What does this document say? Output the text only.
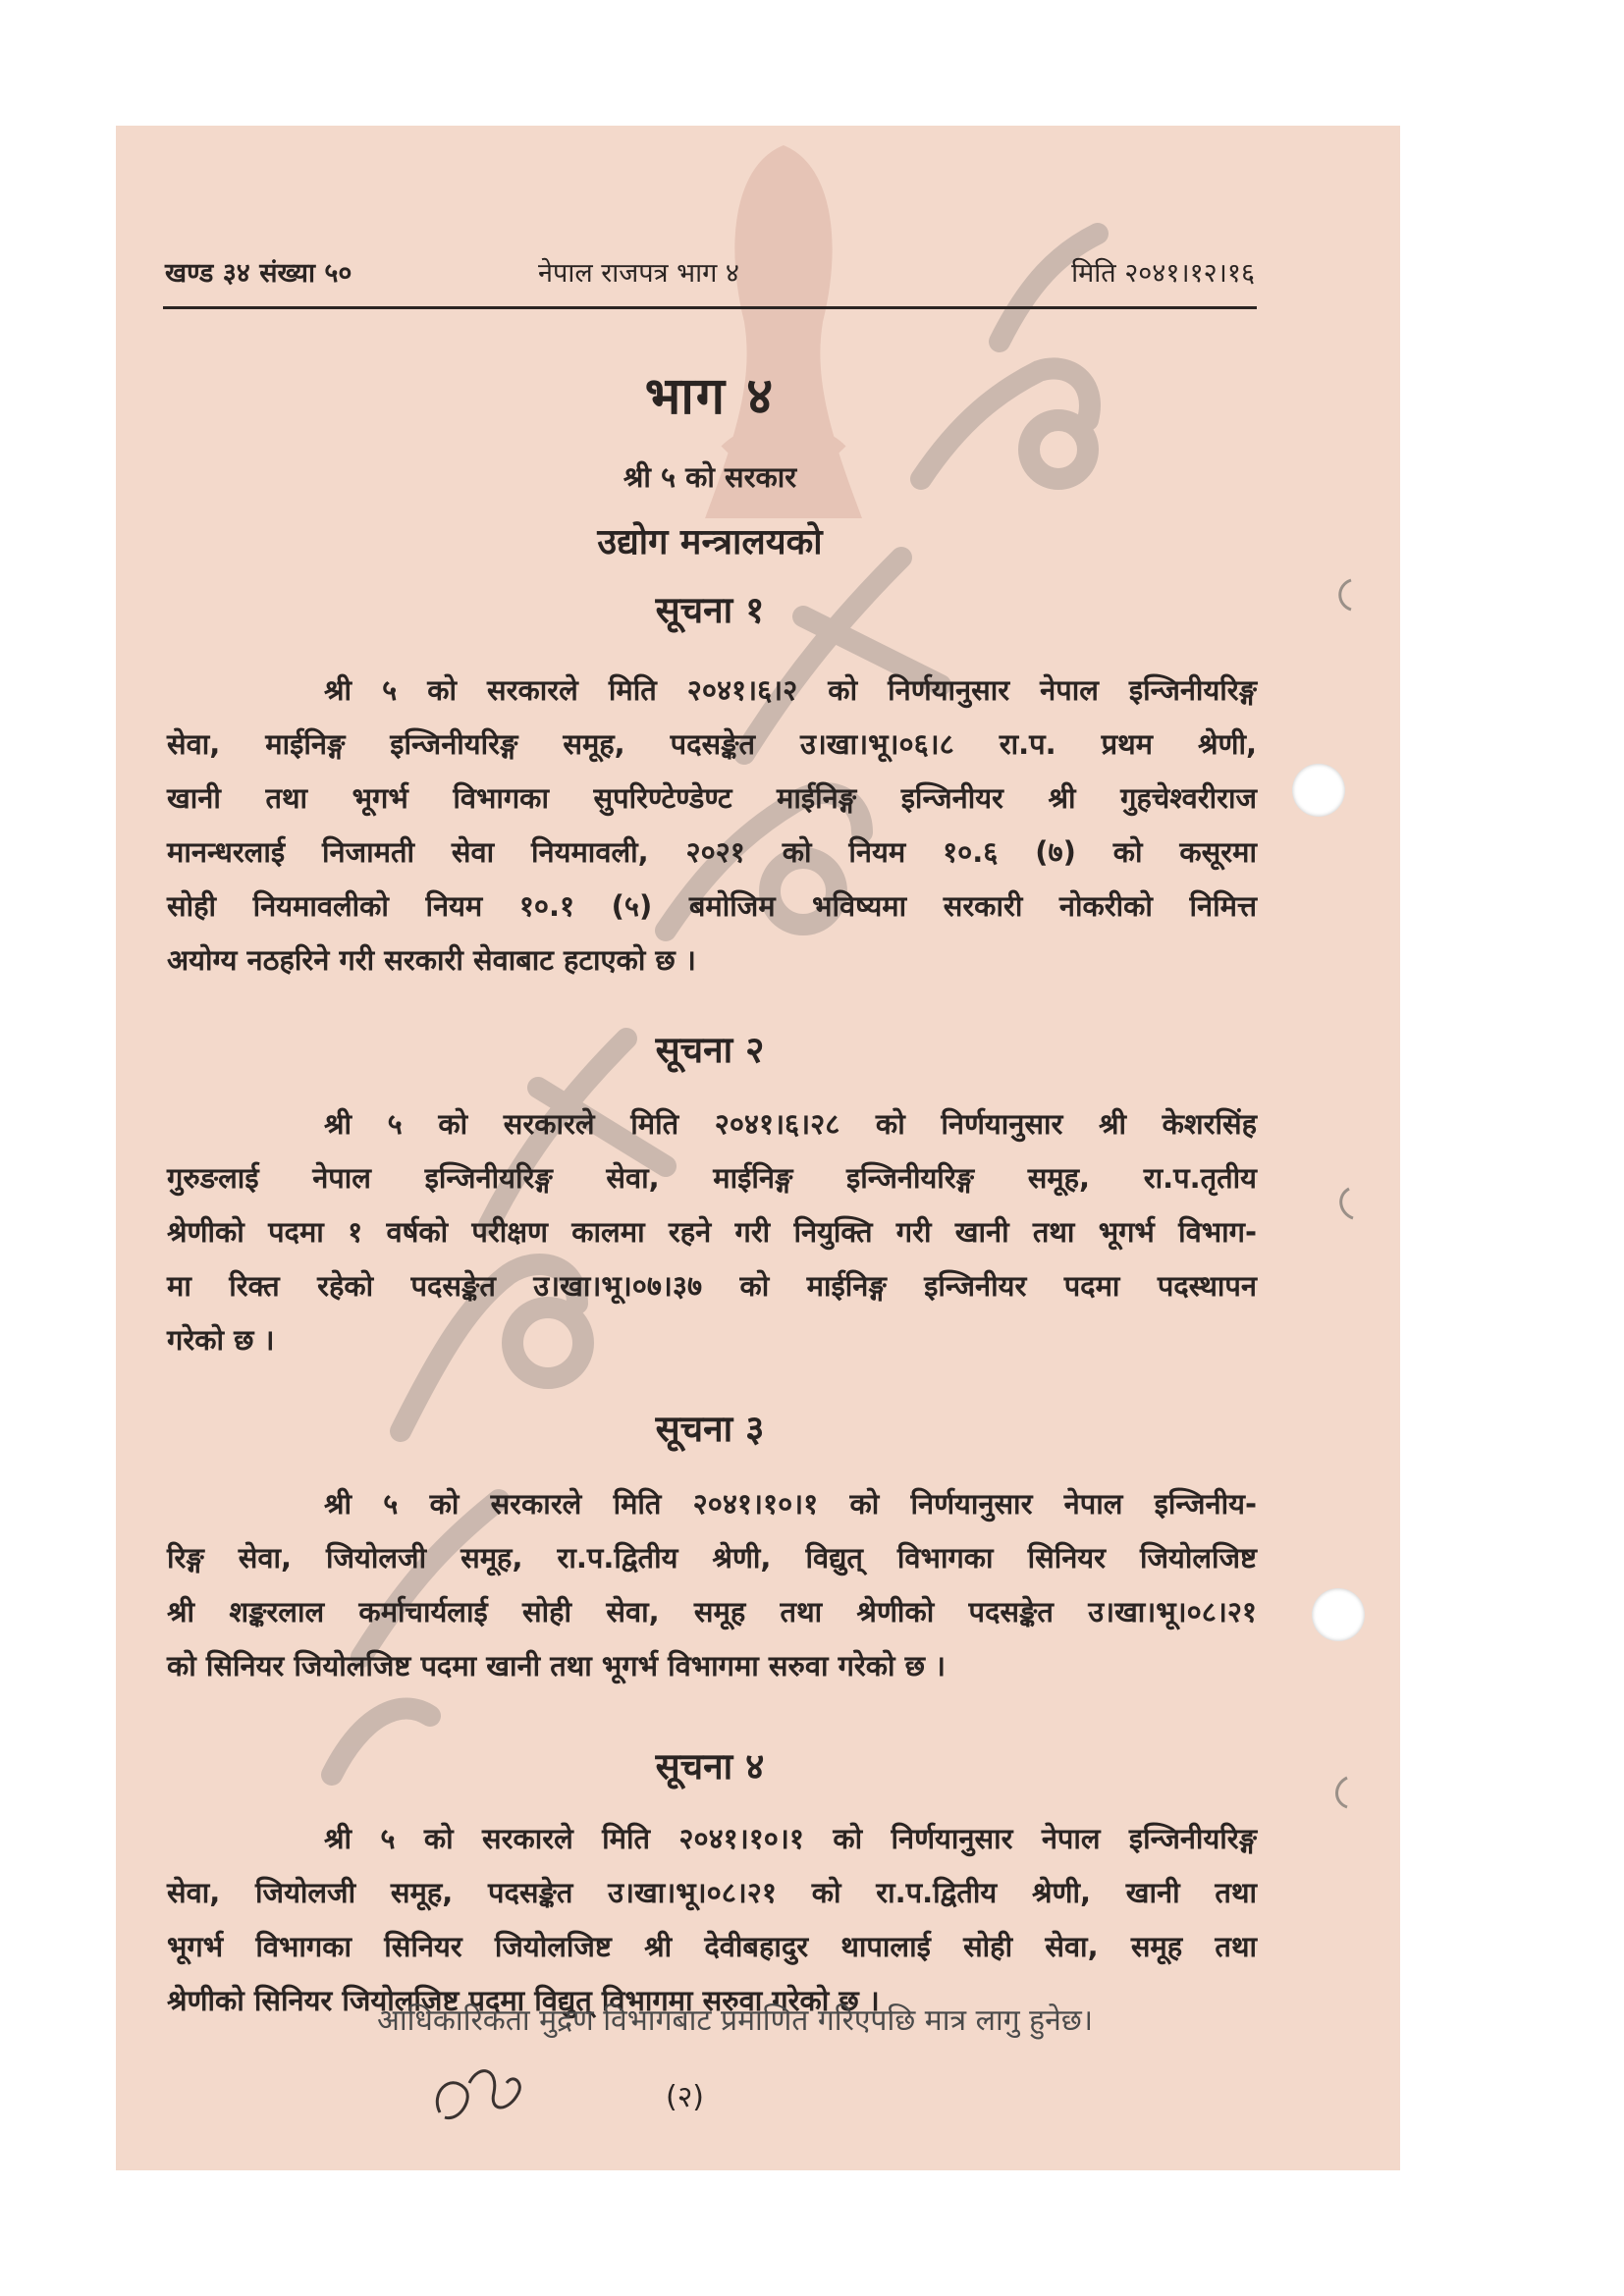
खण्ड ३४ संख्या ५०	नेपाल राजपत्र भाग ४	मिति २०४१।१२।१६
भाग ४
श्री ५ को सरकार
उद्योग मन्त्रालयको
सूचना १
श्री ५ को सरकारले मिति २०४१।६।२ को निर्णयानुसार नेपाल इन्जिनीयरिङ्ग
सेवा, माईनिङ्ग इन्जिनीयरिङ्ग समूह, पदसङ्केत उ।खा।भू।०६।८ रा.प. प्रथम श्रेणी,
खानी तथा भूगर्भ विभागका सुपरिण्टेण्डेण्ट माईनिङ्ग इन्जिनीयर श्री गुहचेश्वरीराज
मानन्धरलाई निजामती सेवा नियमावली, २०२१ को नियम १०.६ (७) को कसूरमा
सोही नियमावलीको नियम १०.१ (५) बमोजिम भविष्यमा सरकारी नोकरीको निमित्त
अयोग्य नठहरिने गरी सरकारी सेवाबाट हटाएको छ ।
सूचना २
श्री ५ को सरकारले मिति २०४१।६।२८ को निर्णयानुसार श्री केशरसिंह
गुरुङलाई नेपाल इन्जिनीयरिङ्ग सेवा, माईनिङ्ग इन्जिनीयरिङ्ग समूह, रा.प.तृतीय
श्रेणीको पदमा १ वर्षको परीक्षण कालमा रहने गरी नियुक्ति गरी खानी तथा भूगर्भ विभाग-
मा रिक्त रहेको पदसङ्केत उ।खा।भू।०७।३७ को माईनिङ्ग इन्जिनीयर पदमा पदस्थापन
गरेको छ ।
सूचना ३
श्री ५ को सरकारले मिति २०४१।१०।१ को निर्णयानुसार नेपाल इन्जिनीय-
रिङ्ग सेवा, जियोलजी समूह, रा.प.द्वितीय श्रेणी, विद्युत् विभागका सिनियर जियोलजिष्ट
श्री शङ्करलाल कर्माचार्यलाई सोही सेवा, समूह तथा श्रेणीको पदसङ्केत उ।खा।भू।०८।२१
को सिनियर जियोलजिष्ट पदमा खानी तथा भूगर्भ विभागमा सरुवा गरेको छ ।
सूचना ४
श्री ५ को सरकारले मिति २०४१।१०।१ को निर्णयानुसार नेपाल इन्जिनीयरिङ्ग
सेवा, जियोलजी समूह, पदसङ्केत उ।खा।भू।०८।२१ को रा.प.द्वितीय श्रेणी, खानी तथा
भूगर्भ विभागका सिनियर जियोलजिष्ट श्री देवीबहादुर थापालाई सोही सेवा, समूह तथा
श्रेणीको सिनियर जियोलजिष्ट पदमा विद्युत् विभागमा सरुवा गरेको छ ।
(२)
आधिकारिकता मुद्रण विभागबाट प्रमाणित गरिएपछि मात्र लागु हुनेछ।
